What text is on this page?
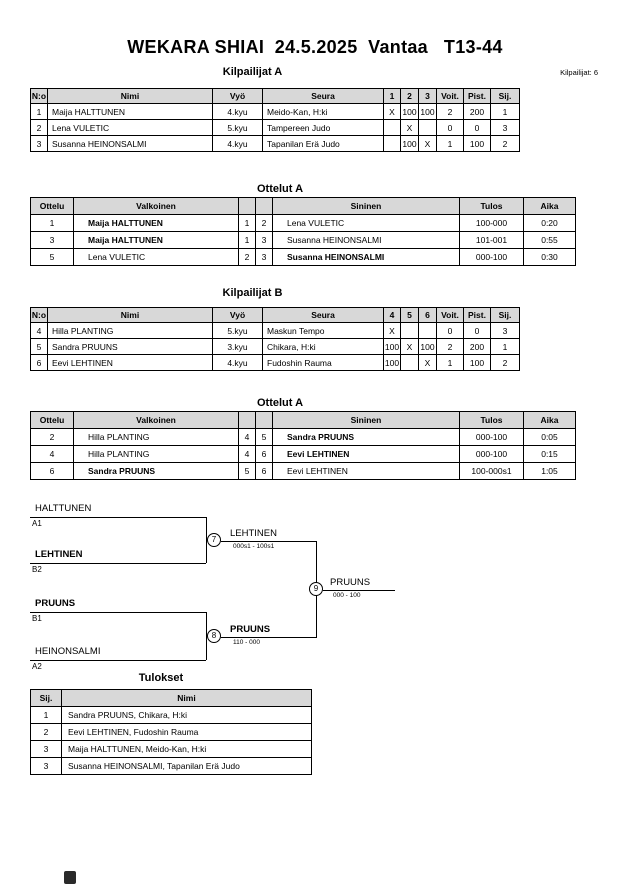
WEKARA SHIAI  24.5.2025  Vantaa   T13-44
Kilpailijat: 6
Kilpailijat A
N:o	Nimi	Vyö	Seura	1	2	3	Voit.	Pist.	Sij.
1	Maija HALTTUNEN	4.kyu	Meido-Kan, H:ki	X	100	100	2	200	1
2	Lena VULETIC	5.kyu	Tampereen Judo		X		0	0	3
3	Susanna HEINONSALMI	4.kyu	Tapanilan Erä Judo		100	X	1	100	2
Ottelut A
Ottelu	Valkoinen			Sininen	Tulos	Aika
1	Maija HALTTUNEN	1	2	Lena VULETIC	100-000	0:20
3	Maija HALTTUNEN	1	3	Susanna HEINONSALMI	101-001	0:55
5	Lena VULETIC	2	3	Susanna HEINONSALMI	000-100	0:30
Kilpailijat B
N:o	Nimi	Vyö	Seura	4	5	6	Voit.	Pist.	Sij.
4	Hilla PLANTING	5.kyu	Maskun Tempo	X			0	0	3
5	Sandra PRUUNS	3.kyu	Chikara, H:ki	100	X	100	2	200	1
6	Eevi LEHTINEN	4.kyu	Fudoshin Rauma	100		X	1	100	2
Ottelut A
Ottelu	Valkoinen			Sininen	Tulos	Aika
2	Hilla PLANTING	4	5	Sandra PRUUNS	000-100	0:05
4	Hilla PLANTING	4	6	Eevi LEHTINEN	000-100	0:15
6	Sandra PRUUNS	5	6	Eevi LEHTINEN	100-000s1	1:05
HALTTUNEN
A1
LEHTINEN
B2
PRUUNS
B1
HEINONSALMI
A2
7
LEHTINEN
000s1 - 100s1
8
PRUUNS
110 - 000
9
PRUUNS
000 - 100
Tulokset
Sij.	Nimi
1	Sandra PRUUNS, Chikara, H:ki
2	Eevi LEHTINEN, Fudoshin Rauma
3	Maija HALTTUNEN, Meido-Kan, H:ki
3	Susanna HEINONSALMI, Tapanilan Erä Judo
